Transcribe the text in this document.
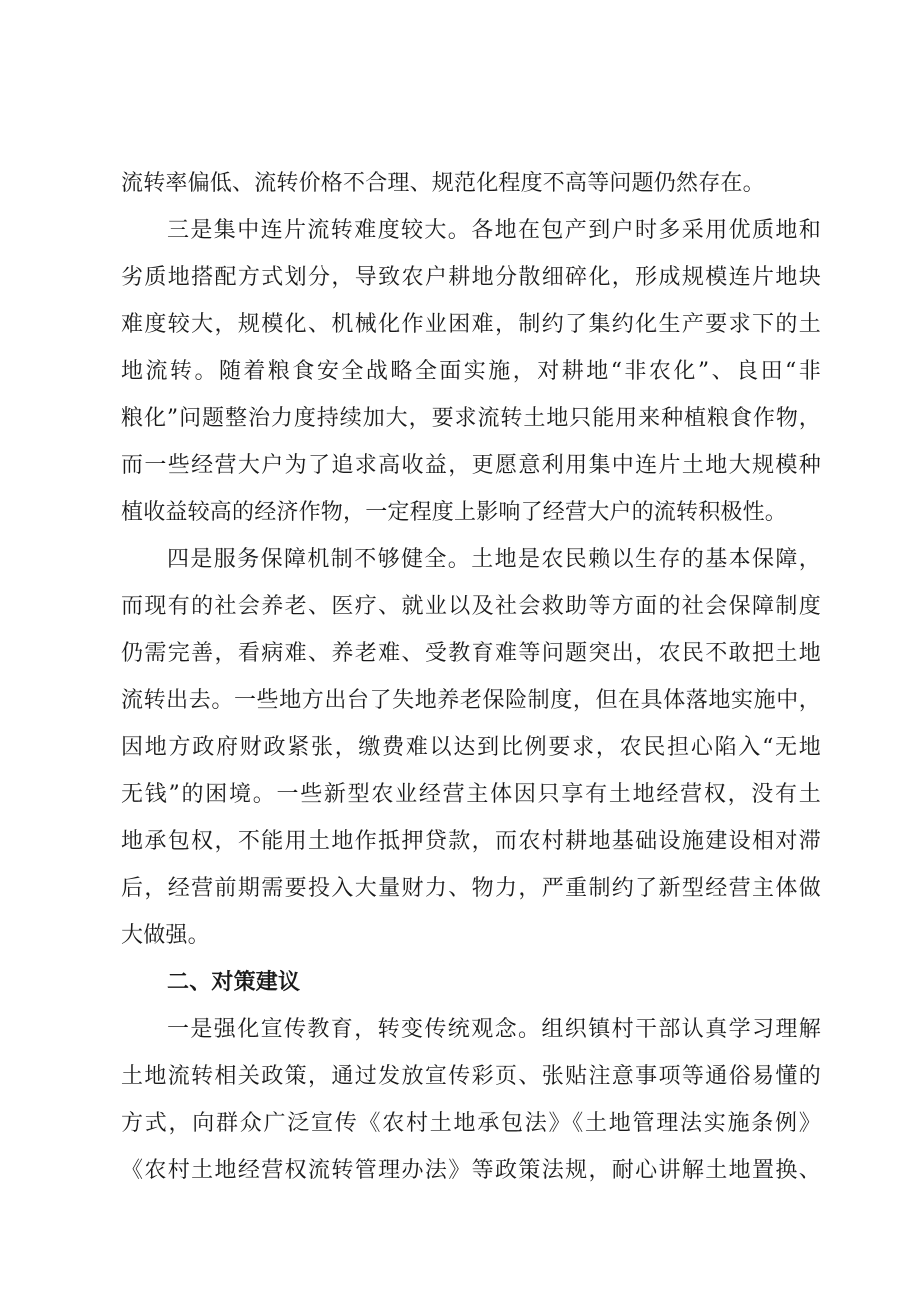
流转率偏低、流转价格不合理、规范化程度不高等问题仍然存在。
三是集中连片流转难度较大。各地在包产到户时多采用优质地和
劣质地搭配方式划分，导致农户耕地分散细碎化，形成规模连片地块
难度较大，规模化、机械化作业困难，制约了集约化生产要求下的土
地流转。随着粮食安全战略全面实施，对耕地“非农化”、良田“非
粮化”问题整治力度持续加大，要求流转土地只能用来种植粮食作物，
而一些经营大户为了追求高收益，更愿意利用集中连片土地大规模种
植收益较高的经济作物，一定程度上影响了经营大户的流转积极性。
四是服务保障机制不够健全。土地是农民赖以生存的基本保障，
而现有的社会养老、医疗、就业以及社会救助等方面的社会保障制度
仍需完善，看病难、养老难、受教育难等问题突出，农民不敢把土地
流转出去。一些地方出台了失地养老保险制度，但在具体落地实施中，
因地方政府财政紧张，缴费难以达到比例要求，农民担心陷入“无地
无钱”的困境。一些新型农业经营主体因只享有土地经营权，没有土
地承包权，不能用土地作抵押贷款，而农村耕地基础设施建设相对滞
后，经营前期需要投入大量财力、物力，严重制约了新型经营主体做
大做强。
二、对策建议
一是强化宣传教育，转变传统观念。组织镇村干部认真学习理解
土地流转相关政策，通过发放宣传彩页、张贴注意事项等通俗易懂的
方式，向群众广泛宣传《农村土地承包法》《土地管理法实施条例》
《农村土地经营权流转管理办法》等政策法规，耐心讲解土地置换、
